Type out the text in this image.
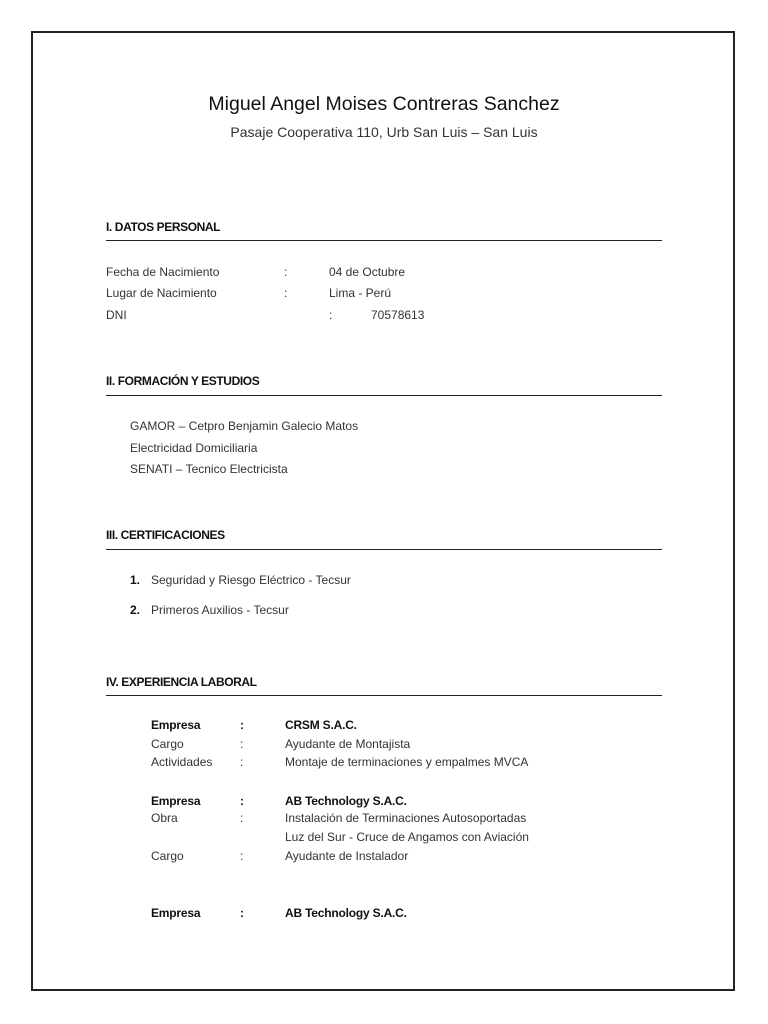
Miguel Angel Moises Contreras Sanchez
Pasaje Cooperativa 110, Urb San Luis – San Luis
I. DATOS PERSONAL
Fecha de Nacimiento	:	04 de Octubre
Lugar de Nacimiento	:	Lima - Perú
DNI	:	70578613
II. FORMACIÓN Y ESTUDIOS
GAMOR – Cetpro Benjamin Galecio Matos
Electricidad Domiciliaria
SENATI – Tecnico Electricista
III. CERTIFICACIONES
1. Seguridad y Riesgo Eléctrico - Tecsur
2. Primeros Auxilios - Tecsur
IV. EXPERIENCIA LABORAL
Empresa	:	CRSM S.A.C.
Cargo	:	Ayudante de Montajista
Actividades :	Montaje de terminaciones y empalmes MVCA
Empresa	:	AB Technology S.A.C.
Obra	:	Instalación de Terminaciones Autosoportadas
Luz del Sur - Cruce de Angamos con Aviación
Cargo	:	Ayudante de Instalador
Empresa	:	AB Technology S.A.C.
